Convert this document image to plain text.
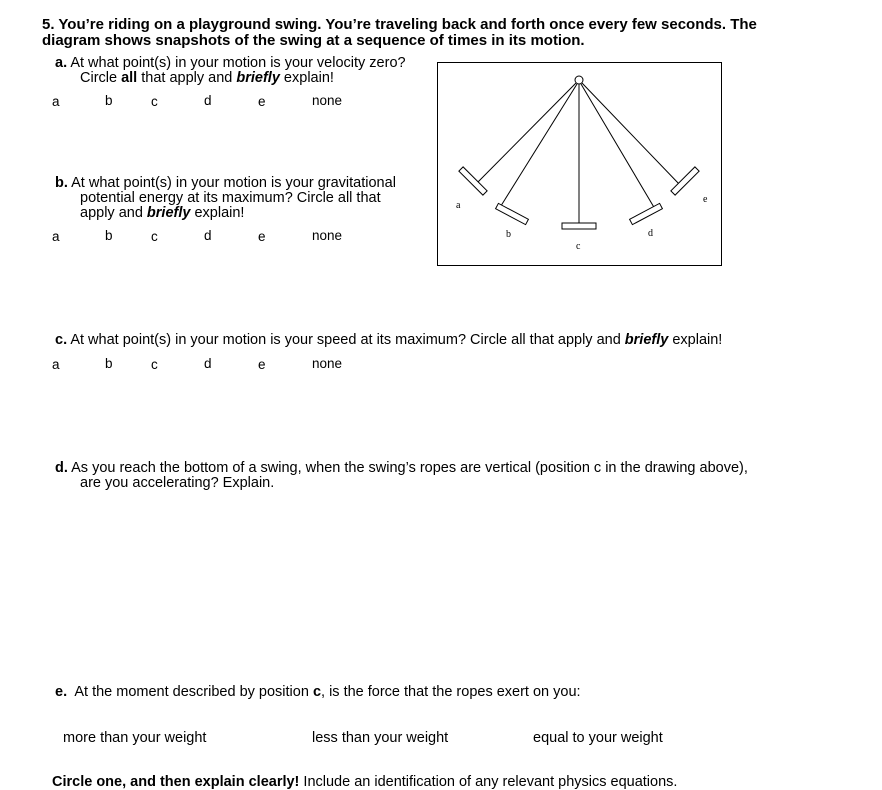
5. You’re riding on a playground swing. You’re traveling back and forth once every few seconds. The
diagram shows snapshots of the swing at a sequence of times in its motion.
a. At what point(s) in your motion is your velocity zero?
Circle all that apply and briefly explain!
a	b	c	d	e	none
b. At what point(s) in your motion is your gravitational
potential energy at its maximum? Circle all that
apply and briefly explain!
a	b	c	d	e	none
a
b
c
d
e
c. At what point(s) in your motion is your speed at its maximum? Circle all that apply and briefly explain!
a	b	c	d	e	none
d. As you reach the bottom of a swing, when the swing’s ropes are vertical (position c in the drawing above),
are you accelerating? Explain.
e. At the moment described by position c, is the force that the ropes exert on you:
more than your weight	less than your weight	equal to your weight
Circle one, and then explain clearly! Include an identification of any relevant physics equations.
